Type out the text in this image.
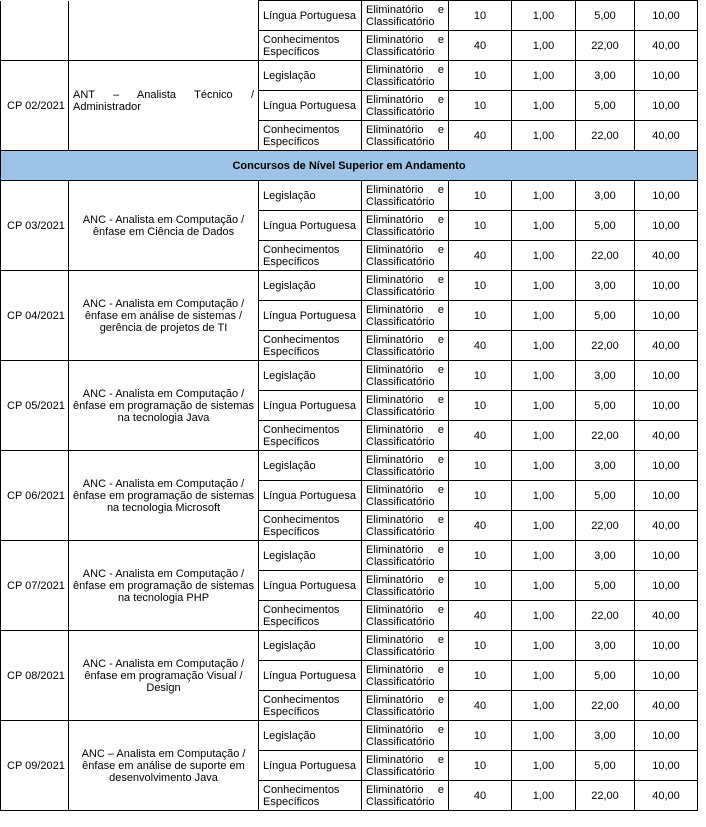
		Língua Portuguesa	Eliminatório e
Classificatório	10	1,00	5,00	10,00
		Conhecimentos Específicos	Eliminatório e
Classificatório	40	1,00	22,00	40,00
CP 02/2021	ANT – Analista Técnico / Administrador	Legislação	Eliminatório e
Classificatório	10	1,00	3,00	10,00
		Língua Portuguesa	Eliminatório e
Classificatório	10	1,00	5,00	10,00
		Conhecimentos Específicos	Eliminatório e
Classificatório	40	1,00	22,00	40,00
Concursos de Nível Superior em Andamento							
CP 03/2021	ANC - Analista em Computação / ênfase em Ciência de Dados	Legislação	Eliminatório e
Classificatório	10	1,00	3,00	10,00
		Língua Portuguesa	Eliminatório e
Classificatório	10	1,00	5,00	10,00
		Conhecimentos Específicos	Eliminatório e
Classificatório	40	1,00	22,00	40,00
CP 04/2021	ANC - Analista em Computação / ênfase em análise de sistemas / gerência de projetos de TI	Legislação	Eliminatório e
Classificatório	10	1,00	3,00	10,00
		Língua Portuguesa	Eliminatório e
Classificatório	10	1,00	5,00	10,00
		Conhecimentos Específicos	Eliminatório e
Classificatório	40	1,00	22,00	40,00
CP 05/2021	ANC - Analista em Computação / ênfase em programação de sistemas na tecnologia Java	Legislação	Eliminatório e
Classificatório	10	1,00	3,00	10,00
		Língua Portuguesa	Eliminatório e
Classificatório	10	1,00	5,00	10,00
		Conhecimentos Específicos	Eliminatório e
Classificatório	40	1,00	22,00	40,00
CP 06/2021	ANC - Analista em Computação / ênfase em programação de sistemas na tecnologia Microsoft	Legislação	Eliminatório e
Classificatório	10	1,00	3,00	10,00
		Língua Portuguesa	Eliminatório e
Classificatório	10	1,00	5,00	10,00
		Conhecimentos Específicos	Eliminatório e
Classificatório	40	1,00	22,00	40,00
CP 07/2021	ANC - Analista em Computação / ênfase em programação de sistemas na tecnologia PHP	Legislação	Eliminatório e
Classificatório	10	1,00	3,00	10,00
		Língua Portuguesa	Eliminatório e
Classificatório	10	1,00	5,00	10,00
		Conhecimentos Específicos	Eliminatório e
Classificatório	40	1,00	22,00	40,00
CP 08/2021	ANC - Analista em Computação / ênfase em programação Visual / Design	Legislação	Eliminatório e
Classificatório	10	1,00	3,00	10,00
		Língua Portuguesa	Eliminatório e
Classificatório	10	1,00	5,00	10,00
		Conhecimentos Específicos	Eliminatório e
Classificatório	40	1,00	22,00	40,00
CP 09/2021	ANC – Analista em Computação / ênfase em análise de suporte em desenvolvimento Java	Legislação	Eliminatório e
Classificatório	10	1,00	3,00	10,00
		Língua Portuguesa	Eliminatório e
Classificatório	10	1,00	5,00	10,00
		Conhecimentos Específicos	Eliminatório e
Classificatório	40	1,00	22,00	40,00
